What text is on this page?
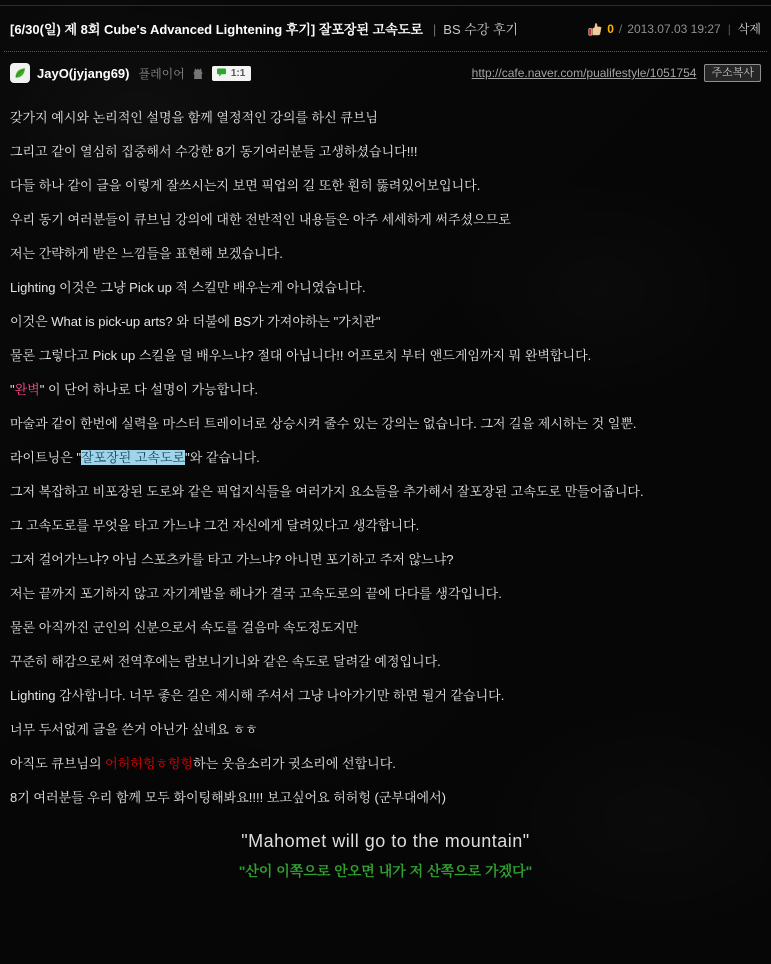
[6/30(일) 제 8회 Cube's Advanced Lightening 후기] 잘포장된 고속도로 | BS 수강 후기	0 / 2013.07.03 19:27 | 삭제
JayO(jyjang69) 플레이어	1:1	http://cafe.naver.com/pualifestyle/1051754	주소복사

갖가지 예시와 논리적인 설명을 함께 열정적인 강의를 하신 큐브님

그리고 같이 열심히 집중해서 수강한 8기 동기여러분들 고생하셨습니다!!!

다들 하나 같이 글을 이렇게 잘쓰시는지 보면 픽업의 길 또한 훤히 뚫려있어보입니다.

우리 동기 여러분들이 큐브님 강의에 대한 전반적인 내용들은 아주 세세하게 써주셨으므로

저는 간략하게 받은 느낌들을 표현해 보겠습니다.

Lighting 이것은 그냥 Pick up 적 스킬만 배우는게 아니였습니다.

이것은 What is pick-up arts? 와 더불에 BS가 가져야하는 "가치관"

물론 그렇다고 Pick up 스킬을 덜 배우느냐? 절대 아닙니다!! 어프로치 부터 앤드게임까지 뭐 완벽합니다.

"완벽" 이 단어 하나로 다 설명이 가능합니다.

마술과 같이 한번에 실력을 마스터 트레이너로 상승시켜 줄수 있는 강의는 없습니다. 그저 길을 제시하는 것 일뿐.

라이트닝은 "잘포장된 고속도로"와 같습니다.

그저 복잡하고 비포장된 도로와 같은 픽업지식들을 여러가지 요소들을 추가해서 잘포장된 고속도로 만들어줍니다.

그 고속도로를 무엇을 타고 가느냐 그건 자신에게 달려있다고 생각합니다.

그저 걸어가느냐? 아님 스포츠카를 타고 가느냐? 아니면 포기하고 주저 않느냐?

저는 끝까지 포기하지 않고 자기계발을 해나가 결국 고속도로의 끝에 다다를 생각입니다.

물론 아직까진 군인의 신분으로서 속도를 걸음마 속도정도지만

꾸준히 해감으로써 전역후에는 람보니기니와 같은 속도로 달려갈 예정입니다.

Lighting 감사합니다. 너무 좋은 길은 제시해 주셔서 그냥 나아가기만 하면 될거 같습니다.

너무 두서없게 글을 쓴거 아닌가 싶네요 ㅎㅎ

아직도 큐브님의 어허허헝ㅎ헝헝하는 웃음소리가 귓소리에 선합니다.

8기 여러분들 우리 함께 모두 화이팅해봐요!!!! 보고싶어요 허허헝 (군부대에서)

"Mahomet will go to the mountain"
"산이 이쪽으로 안오면 내가 저 산쪽으로 가겠다"
